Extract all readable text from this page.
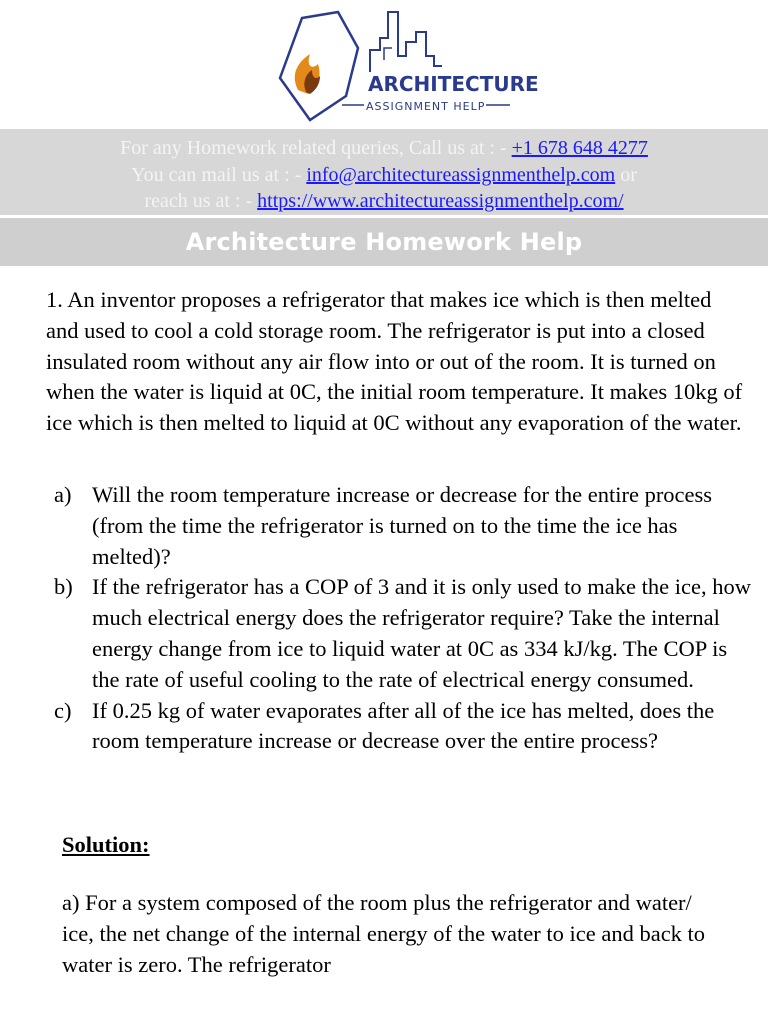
ARCHITECTURE
ASSIGNMENT HELP
For any Homework related queries, Call us at : - +1 678 648 4277
You can mail us at : - info@architectureassignmenthelp.com or
reach us at : - https://www.architectureassignmenthelp.com/
Architecture Homework Help
1. An inventor proposes a refrigerator that makes ice which is then melted and used to cool a cold storage room. The refrigerator is put into a closed insulated room without any air flow into or out of the room. It is turned on when the water is liquid at 0C, the initial room temperature. It makes 10kg of ice which is then melted to liquid at 0C without any evaporation of the water.
a) Will the room temperature increase or decrease for the entire process (from the time the refrigerator is turned on to the time the ice has melted)?
b) If the refrigerator has a COP of 3 and it is only used to make the ice, how much electrical energy does the refrigerator require? Take the internal energy change from ice to liquid water at 0C as 334 kJ/kg. The COP is the rate of useful cooling to the rate of electrical energy consumed.
c) If 0.25 kg of water evaporates after all of the ice has melted, does the room temperature increase or decrease over the entire process?
Solution:
a) For a system composed of the room plus the refrigerator and water/ ice, the net change of the internal energy of the water to ice and back to water is zero. The refrigerator
